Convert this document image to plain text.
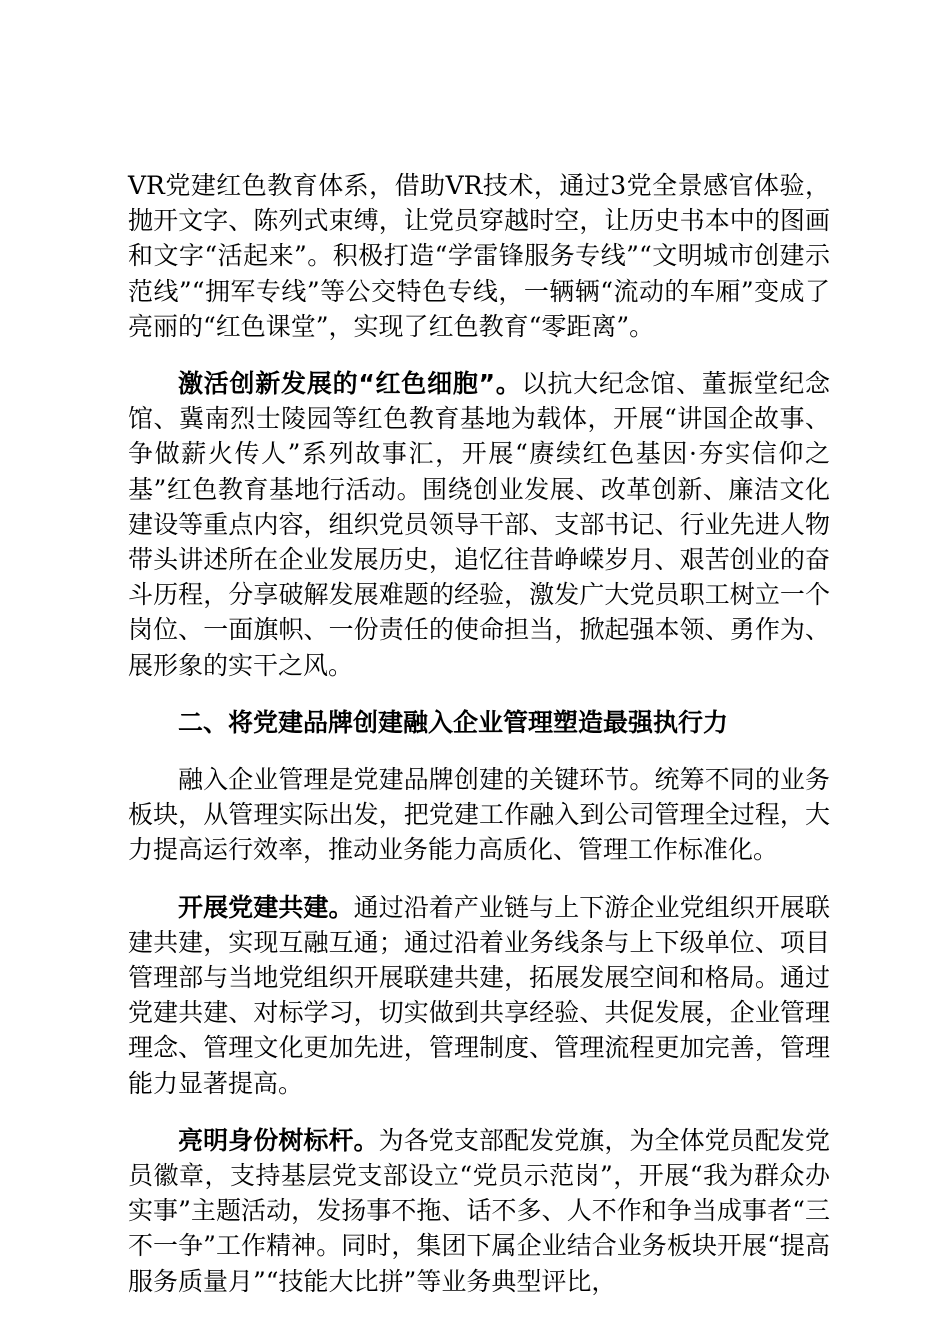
VR党建红色教育体系，借助VR技术，通过3党全景感官体验，抛开文字、陈列式束缚，让党员穿越时空，让历史书本中的图画和文字“活起来”。积极打造“学雷锋服务专线”“文明城市创建示范线”“拥军专线”等公交特色专线，一辆辆“流动的车厢”变成了亮丽的“红色课堂”，实现了红色教育“零距离”。

激活创新发展的“红色细胞”。以抗大纪念馆、董振堂纪念馆、冀南烈士陵园等红色教育基地为载体，开展“讲国企故事、争做薪火传人”系列故事汇，开展“赓续红色基因·夯实信仰之基”红色教育基地行活动。围绕创业发展、改革创新、廉洁文化建设等重点内容，组织党员领导干部、支部书记、行业先进人物带头讲述所在企业发展历史，追忆往昔峥嵘岁月、艰苦创业的奋斗历程，分享破解发展难题的经验，激发广大党员职工树立一个岗位、一面旗帜、一份责任的使命担当，掀起强本领、勇作为、展形象的实干之风。

二、将党建品牌创建融入企业管理塑造最强执行力

融入企业管理是党建品牌创建的关键环节。统筹不同的业务板块，从管理实际出发，把党建工作融入到公司管理全过程，大力提高运行效率，推动业务能力高质化、管理工作标准化。

开展党建共建。通过沿着产业链与上下游企业党组织开展联建共建，实现互融互通；通过沿着业务线条与上下级单位、项目管理部与当地党组织开展联建共建，拓展发展空间和格局。通过党建共建、对标学习，切实做到共享经验、共促发展，企业管理理念、管理文化更加先进，管理制度、管理流程更加完善，管理能力显著提高。

亮明身份树标杆。为各党支部配发党旗，为全体党员配发党员徽章，支持基层党支部设立“党员示范岗”，开展“我为群众办实事”主题活动，发扬事不拖、话不多、人不作和争当成事者“三不一争”工作精神。同时，集团下属企业结合业务板块开展“提高服务质量月”“技能大比拼”等业务典型评比，
